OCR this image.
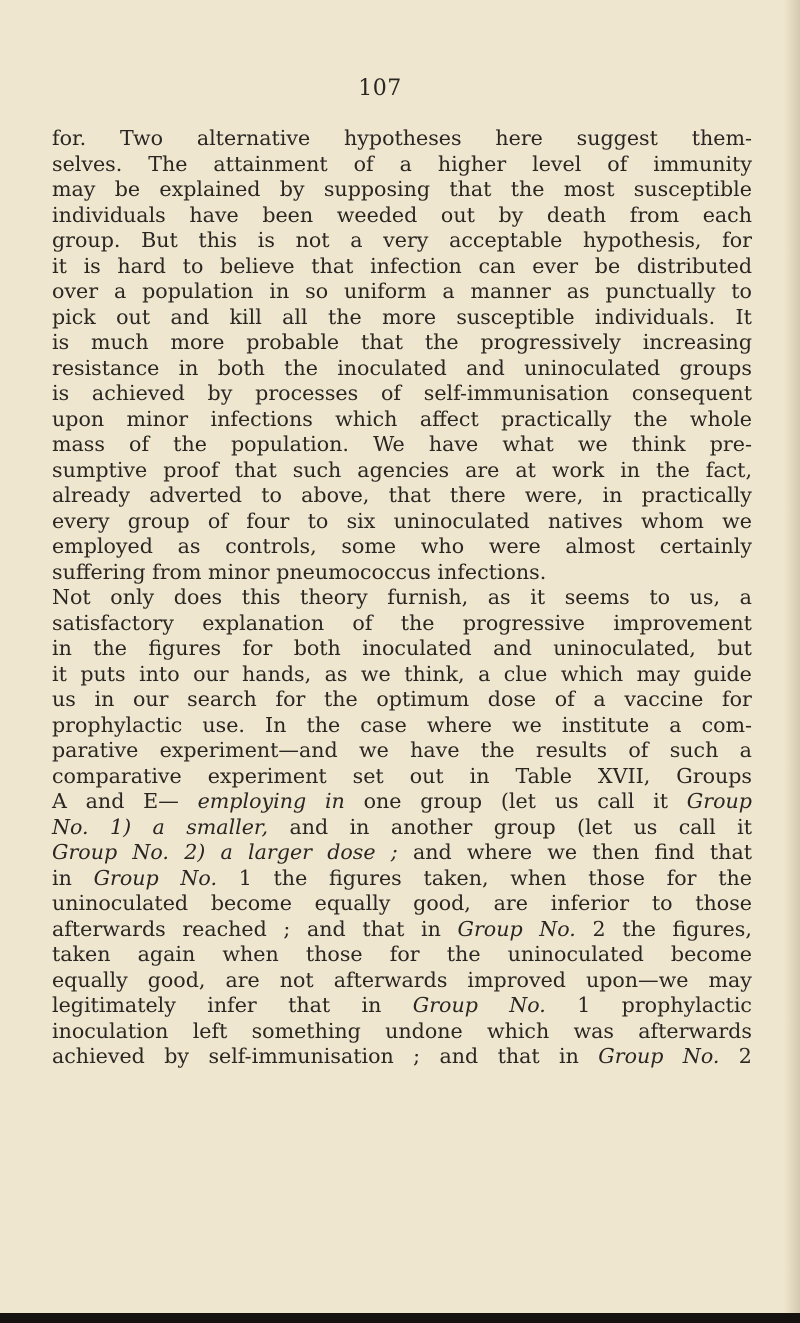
107
for. Two alternative hypotheses here suggest them-
selves. The attainment of a higher level of immunity
may be explained by supposing that the most susceptible
individuals have been weeded out by death from each
group. But this is not a very acceptable hypothesis, for
it is hard to believe that infection can ever be distributed
over a population in so uniform a manner as punctually to
pick out and kill all the more susceptible individuals. It
is much more probable that the progressively increasing
resistance in both the inoculated and uninoculated groups
is achieved by processes of self-immunisation consequent
upon minor infections which affect practically the whole
mass of the population. We have what we think pre-
sumptive proof that such agencies are at work in the fact,
already adverted to above, that there were, in practically
every group of four to six uninoculated natives whom we
employed as controls, some who were almost certainly
suffering from minor pneumococcus infections.
Not only does this theory furnish, as it seems to us, a
satisfactory explanation of the progressive improvement
in the figures for both inoculated and uninoculated, but
it puts into our hands, as we think, a clue which may guide
us in our search for the optimum dose of a vaccine for
prophylactic use. In the case where we institute a com-
parative experiment—and we have the results of such a
comparative experiment set out in Table XVII, Groups
A and E— employing in one group (let us call it Group
No. 1) a smaller, and in another group (let us call it
Group No. 2) a larger dose ; and where we then find that
in Group No. 1 the figures taken, when those for the
uninoculated become equally good, are inferior to those
afterwards reached ; and that in Group No. 2 the figures,
taken again when those for the uninoculated become
equally good, are not afterwards improved upon—we may
legitimately infer that in Group No. 1 prophylactic
inoculation left something undone which was afterwards
achieved by self-immunisation ; and that in Group No. 2
